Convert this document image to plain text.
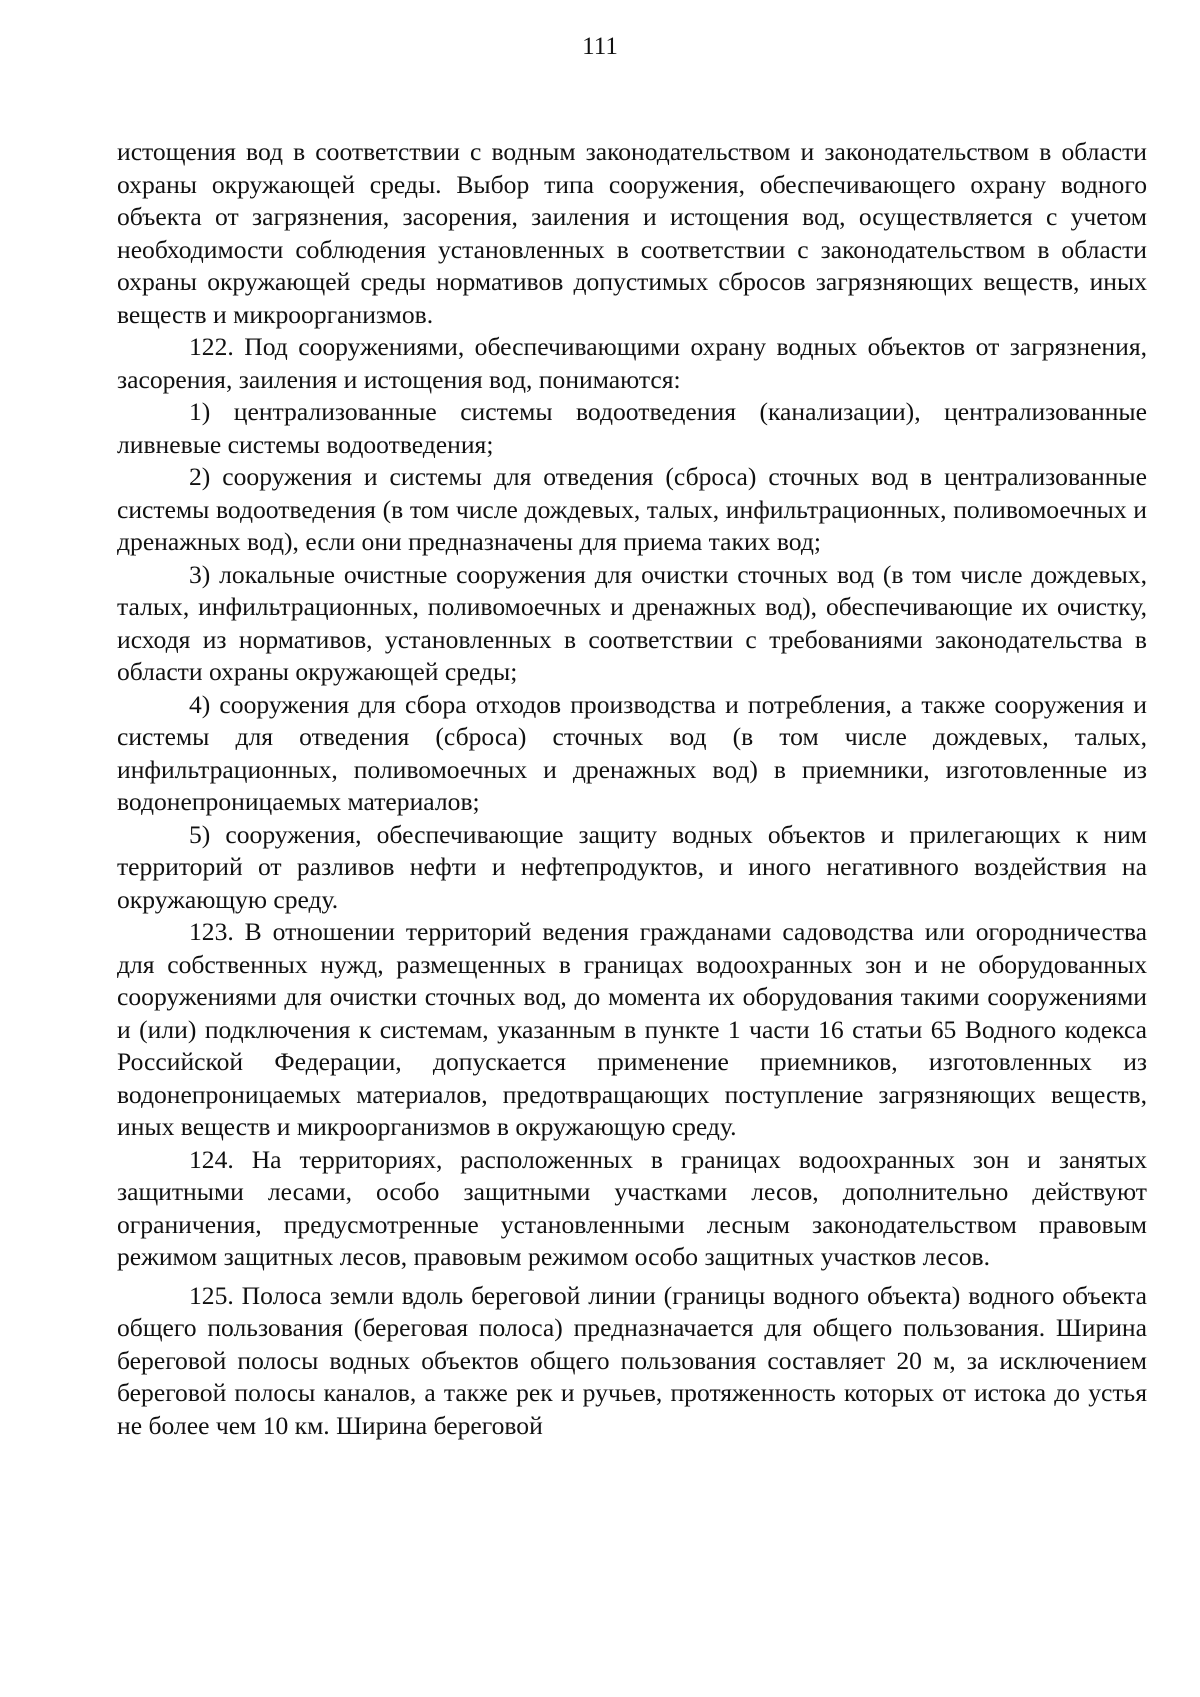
111

истощения вод в соответствии с водным законодательством и законодательством в области охраны окружающей среды. Выбор типа сооружения, обеспечивающего охрану водного объекта от загрязнения, засорения, заиления и истощения вод, осуществляется с учетом необходимости соблюдения установленных в соответствии с законодательством в области охраны окружающей среды нормативов допустимых сбросов загрязняющих веществ, иных веществ и микроорганизмов.

122. Под сооружениями, обеспечивающими охрану водных объектов от загрязнения, засорения, заиления и истощения вод, понимаются:

1) централизованные системы водоотведения (канализации), централизованные ливневые системы водоотведения;

2) сооружения и системы для отведения (сброса) сточных вод в централизованные системы водоотведения (в том числе дождевых, талых, инфильтрационных, поливомоечных и дренажных вод), если они предназначены для приема таких вод;

3) локальные очистные сооружения для очистки сточных вод (в том числе дождевых, талых, инфильтрационных, поливомоечных и дренажных вод), обеспечивающие их очистку, исходя из нормативов, установленных в соответствии с требованиями законодательства в области охраны окружающей среды;

4) сооружения для сбора отходов производства и потребления, а также сооружения и системы для отведения (сброса) сточных вод (в том числе дождевых, талых, инфильтрационных, поливомоечных и дренажных вод) в приемники, изготовленные из водонепроницаемых материалов;

5) сооружения, обеспечивающие защиту водных объектов и прилегающих к ним территорий от разливов нефти и нефтепродуктов, и иного негативного воздействия на окружающую среду.

123. В отношении территорий ведения гражданами садоводства или огородничества для собственных нужд, размещенных в границах водоохранных зон и не оборудованных сооружениями для очистки сточных вод, до момента их оборудования такими сооружениями и (или) подключения к системам, указанным в пункте 1 части 16 статьи 65 Водного кодекса Российской Федерации, допускается применение приемников, изготовленных из водонепроницаемых материалов, предотвращающих поступление загрязняющих веществ, иных веществ и микроорганизмов в окружающую среду.

124. На территориях, расположенных в границах водоохранных зон и занятых защитными лесами, особо защитными участками лесов, дополнительно действуют ограничения, предусмотренные установленными лесным законодательством правовым режимом защитных лесов, правовым режимом особо защитных участков лесов.

125. Полоса земли вдоль береговой линии (границы водного объекта) водного объекта общего пользования (береговая полоса) предназначается для общего пользования. Ширина береговой полосы водных объектов общего пользования составляет 20 м, за исключением береговой полосы каналов, а также рек и ручьев, протяженность которых от истока до устья не более чем 10 км. Ширина береговой
